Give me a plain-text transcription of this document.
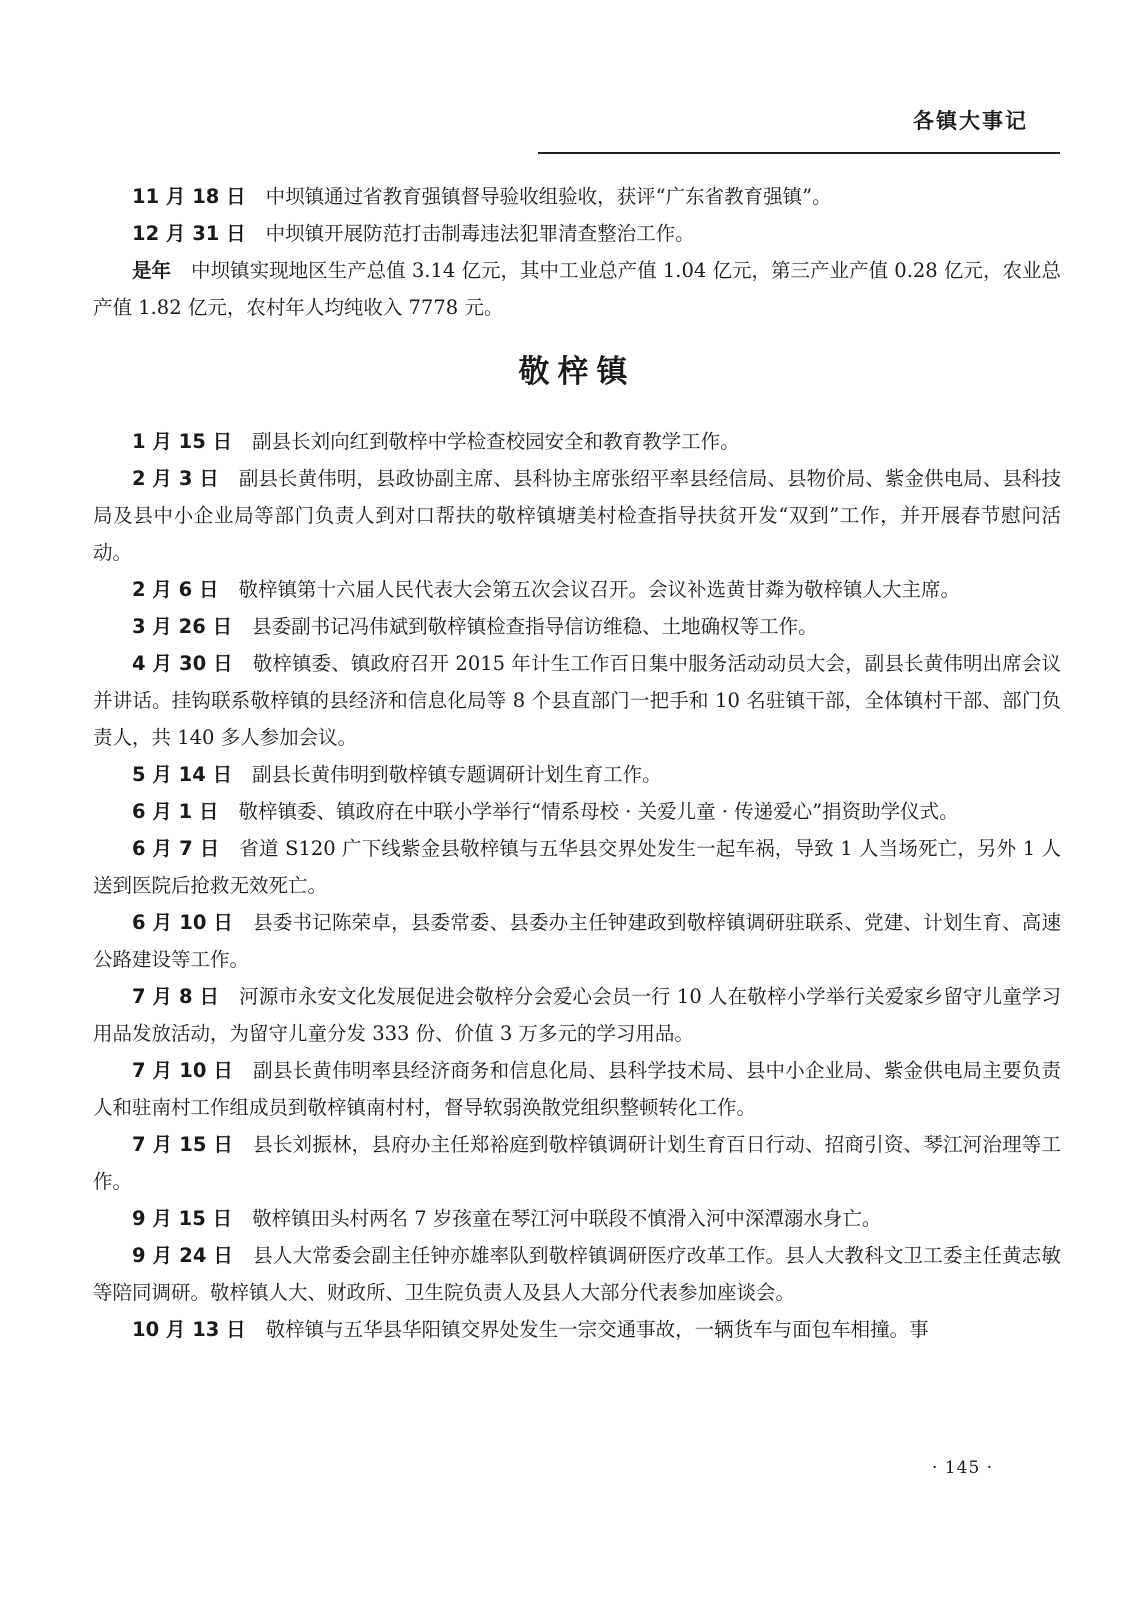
各镇大事记

11 月 18 日 中坝镇通过省教育强镇督导验收组验收，获评“广东省教育强镇”。

12 月 31 日 中坝镇开展防范打击制毒违法犯罪清查整治工作。

是年 中坝镇实现地区生产总值 3.14 亿元，其中工业总产值 1.04 亿元，第三产业产值 0.28 亿元，农业总产值 1.82 亿元，农村年人均纯收入 7778 元。

敬梓镇

1 月 15 日 副县长刘向红到敬梓中学检查校园安全和教育教学工作。

2 月 3 日 副县长黄伟明，县政协副主席、县科协主席张绍平率县经信局、县物价局、紫金供电局、县科技局及县中小企业局等部门负责人到对口帮扶的敬梓镇塘美村检查指导扶贫开发“双到”工作，并开展春节慰问活动。

2 月 6 日 敬梓镇第十六届人民代表大会第五次会议召开。会议补选黄甘粦为敬梓镇人大主席。

3 月 26 日 县委副书记冯伟斌到敬梓镇检查指导信访维稳、土地确权等工作。

4 月 30 日 敬梓镇委、镇政府召开 2015 年计生工作百日集中服务活动动员大会，副县长黄伟明出席会议并讲话。挂钩联系敬梓镇的县经济和信息化局等 8 个县直部门一把手和 10 名驻镇干部，全体镇村干部、部门负责人，共 140 多人参加会议。

5 月 14 日 副县长黄伟明到敬梓镇专题调研计划生育工作。

6 月 1 日 敬梓镇委、镇政府在中联小学举行“情系母校 · 关爱儿童 · 传递爱心”捐资助学仪式。

6 月 7 日 省道 S120 广下线紫金县敬梓镇与五华县交界处发生一起车祸，导致 1 人当场死亡，另外 1 人送到医院后抢救无效死亡。

6 月 10 日 县委书记陈荣卓，县委常委、县委办主任钟建政到敬梓镇调研驻联系、党建、计划生育、高速公路建设等工作。

7 月 8 日 河源市永安文化发展促进会敬梓分会爱心会员一行 10 人在敬梓小学举行关爱家乡留守儿童学习用品发放活动，为留守儿童分发 333 份、价值 3 万多元的学习用品。

7 月 10 日 副县长黄伟明率县经济商务和信息化局、县科学技术局、县中小企业局、紫金供电局主要负责人和驻南村工作组成员到敬梓镇南村村，督导软弱涣散党组织整顿转化工作。

7 月 15 日 县长刘振林，县府办主任郑裕庭到敬梓镇调研计划生育百日行动、招商引资、琴江河治理等工作。

9 月 15 日 敬梓镇田头村两名 7 岁孩童在琴江河中联段不慎滑入河中深潭溺水身亡。

9 月 24 日 县人大常委会副主任钟亦雄率队到敬梓镇调研医疗改革工作。县人大教科文卫工委主任黄志敏等陪同调研。敬梓镇人大、财政所、卫生院负责人及县人大部分代表参加座谈会。

10 月 13 日 敬梓镇与五华县华阳镇交界处发生一宗交通事故，一辆货车与面包车相撞。事

· 145 ·
